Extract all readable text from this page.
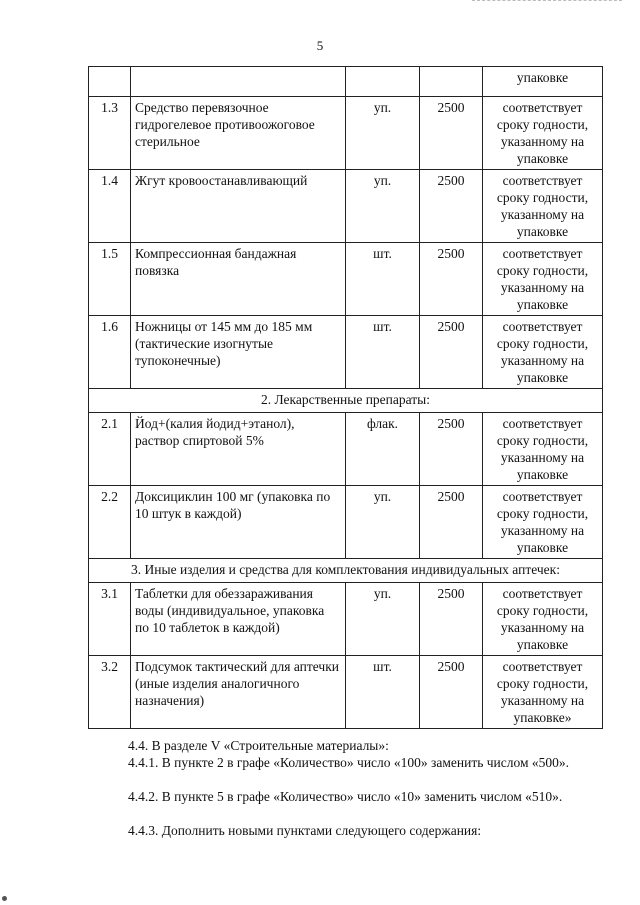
5
				упаковке
1.3	Средство перевязочное гидрогелевое противоожоговое стерильное	уп.	2500	соответствует сроку годности, указанному на упаковке
1.4	Жгут кровоостанавливающий	уп.	2500	соответствует сроку годности, указанному на упаковке
1.5	Компрессионная бандажная повязка	шт.	2500	соответствует сроку годности, указанному на упаковке
1.6	Ножницы от 145 мм до 185 мм (тактические изогнутые тупоконечные)	шт.	2500	соответствует сроку годности, указанному на упаковке
2. Лекарственные препараты:				
2.1	Йод+(калия йодид+этанол), раствор спиртовой 5%	флак.	2500	соответствует сроку годности, указанному на упаковке
2.2	Доксициклин 100 мг (упаковка по 10 штук в каждой)	уп.	2500	соответствует сроку годности, указанному на упаковке
3. Иные изделия и средства для комплектования индивидуальных аптечек:				
3.1	Таблетки для обеззараживания воды (индивидуальное, упаковка по 10 таблеток в каждой)	уп.	2500	соответствует сроку годности, указанному на упаковке
3.2	Подсумок тактический для аптечки (иные изделия аналогичного назначения)	шт.	2500	соответствует сроку годности, указанному на упаковке»
4.4. В разделе V «Строительные материалы»:
4.4.1. В пункте 2 в графе «Количество» число «100» заменить числом «500».
4.4.2. В пункте 5 в графе «Количество» число «10» заменить числом «510».
4.4.3. Дополнить новыми пунктами следующего содержания:
